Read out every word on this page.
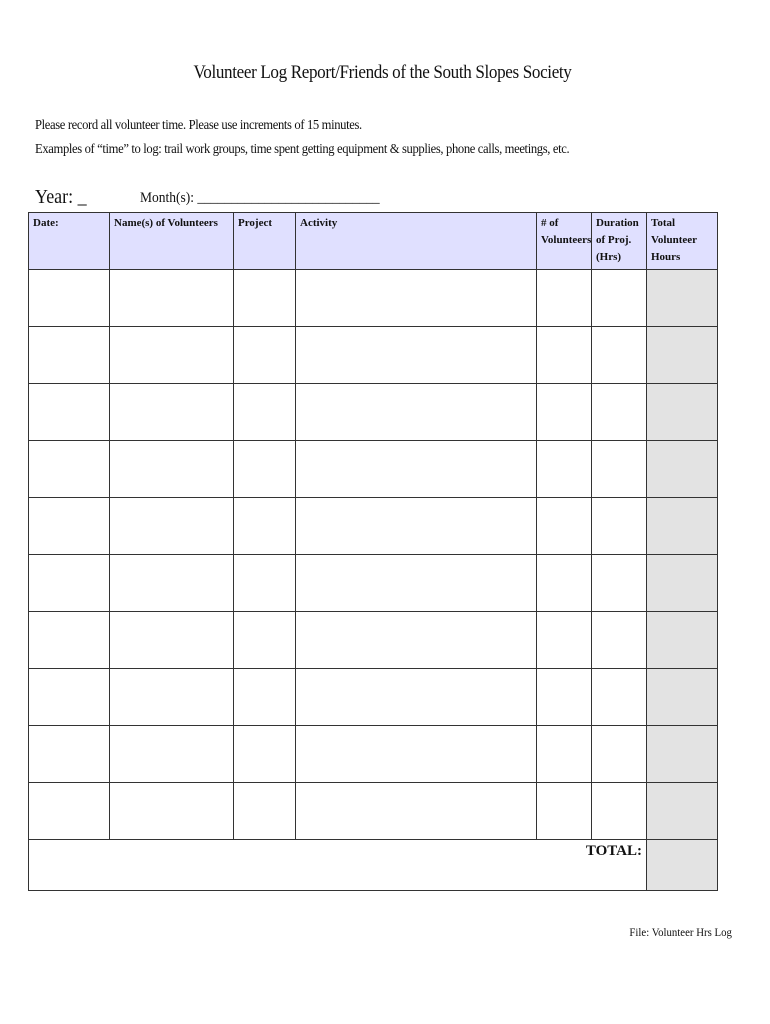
Volunteer Log Report/Friends of the South Slopes Society
Please record all volunteer time. Please use increments of 15 minutes.
Examples of “time” to log: trail work groups, time spent getting equipment & supplies, phone calls, meetings, etc.
Year: _	Month(s): ___________________________
Date:	Name(s) of Volunteers	Project	Activity	# of Volunteers	Duration of Proj.(Hrs)	Total Volunteer Hours

TOTAL:						
File: Volunteer Hrs Log
